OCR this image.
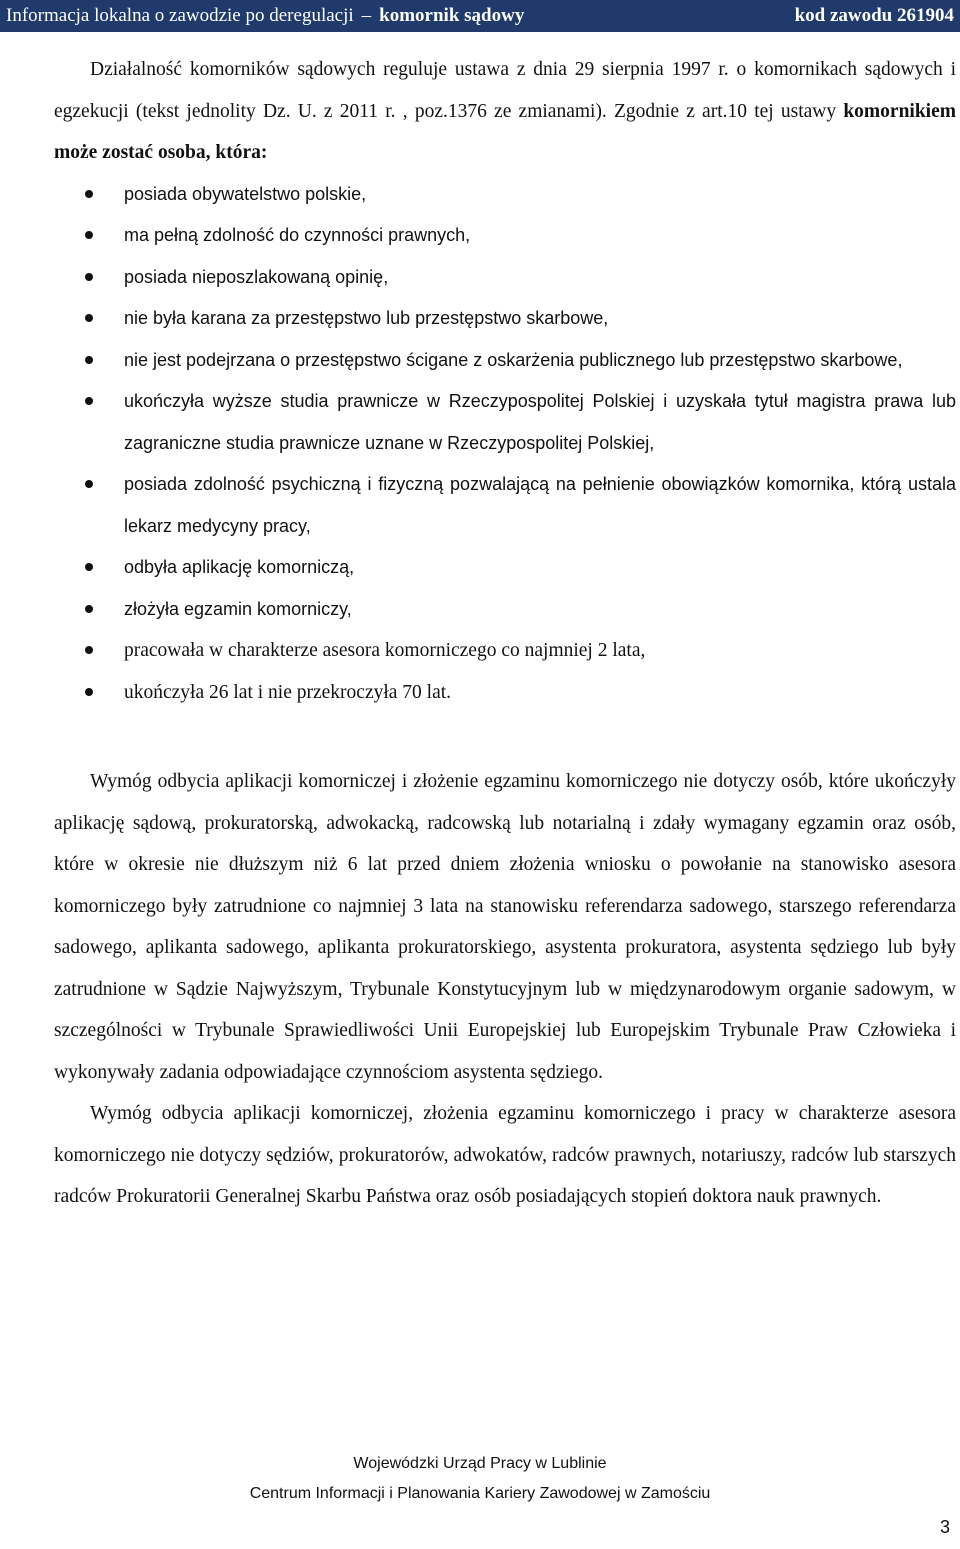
Informacja lokalna o zawodzie po deregulacji – komornik sądowy	kod zawodu 261904

Działalność komorników sądowych reguluje ustawa z dnia 29 sierpnia 1997 r. o komornikach sądowych i egzekucji (tekst jednolity Dz. U. z 2011 r. , poz.1376 ze zmianami). Zgodnie z art.10 tej ustawy komornikiem może zostać osoba, która:

posiada obywatelstwo polskie,
ma pełną zdolność do czynności prawnych,
posiada nieposzlakowaną opinię,
nie była karana za przestępstwo lub przestępstwo skarbowe,
nie jest podejrzana o przestępstwo ścigane z oskarżenia publicznego lub przestępstwo skarbowe,
ukończyła wyższe studia prawnicze w Rzeczypospolitej Polskiej i uzyskała tytuł magistra prawa lub zagraniczne studia prawnicze uznane w Rzeczypospolitej Polskiej,
posiada zdolność psychiczną i fizyczną pozwalającą na pełnienie obowiązków komornika, którą ustala lekarz medycyny pracy,
odbyła aplikację komorniczą,
złożyła egzamin komorniczy,
pracowała w charakterze asesora komorniczego co najmniej 2 lata,
ukończyła 26 lat i nie przekroczyła 70 lat.

Wymóg odbycia aplikacji komorniczej i złożenie egzaminu komorniczego nie dotyczy osób, które ukończyły aplikację sądową, prokuratorską, adwokacką, radcowską lub notarialną i zdały wymagany egzamin oraz osób, które w okresie nie dłuższym niż 6 lat przed dniem złożenia wniosku o powołanie na stanowisko asesora komorniczego były zatrudnione co najmniej 3 lata na stanowisku referendarza sadowego, starszego referendarza sadowego, aplikanta sadowego, aplikanta prokuratorskiego, asystenta prokuratora, asystenta sędziego lub były zatrudnione w Sądzie Najwyższym, Trybunale Konstytucyjnym lub w międzynarodowym organie sadowym, w szczególności w Trybunale Sprawiedliwości Unii Europejskiej lub Europejskim Trybunale Praw Człowieka i wykonywały zadania odpowiadające czynnościom asystenta sędziego.

Wymóg odbycia aplikacji komorniczej, złożenia egzaminu komorniczego i pracy w charakterze asesora komorniczego nie dotyczy sędziów, prokuratorów, adwokatów, radców prawnych, notariuszy, radców lub starszych radców Prokuratorii Generalnej Skarbu Państwa oraz osób posiadających stopień doktora nauk prawnych.

Wojewódzki Urząd Pracy w Lublinie
Centrum Informacji i Planowania Kariery Zawodowej w Zamościu
3
